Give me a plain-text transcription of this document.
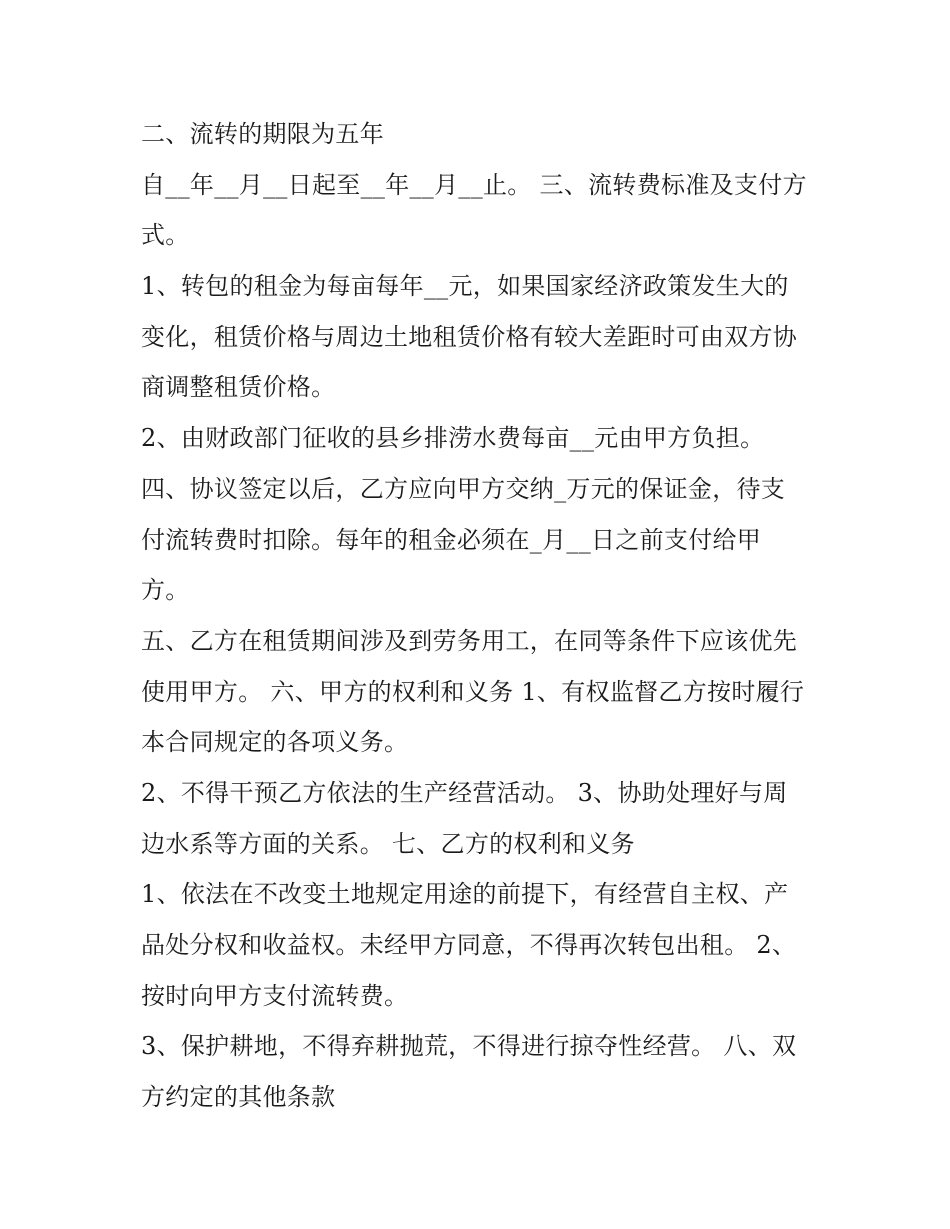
二、流转的期限为五年
自__年__月__日起至__年__月__止。 三、流转费标准及支付方
式。
1、转包的租金为每亩每年__元，如果国家经济政策发生大的
变化，租赁价格与周边土地租赁价格有较大差距时可由双方协
商调整租赁价格。
2、由财政部门征收的县乡排涝水费每亩__元由甲方负担。
四、协议签定以后，乙方应向甲方交纳_万元的保证金，待支
付流转费时扣除。每年的租金必须在_月__日之前支付给甲
方。
五、乙方在租赁期间涉及到劳务用工，在同等条件下应该优先
使用甲方。 六、甲方的权利和义务 1、有权监督乙方按时履行
本合同规定的各项义务。
2、不得干预乙方依法的生产经营活动。 3、协助处理好与周
边水系等方面的关系。 七、乙方的权利和义务
1、依法在不改变土地规定用途的前提下，有经营自主权、产
品处分权和收益权。未经甲方同意，不得再次转包出租。 2、
按时向甲方支付流转费。
3、保护耕地，不得弃耕抛荒，不得进行掠夺性经营。 八、双
方约定的其他条款
